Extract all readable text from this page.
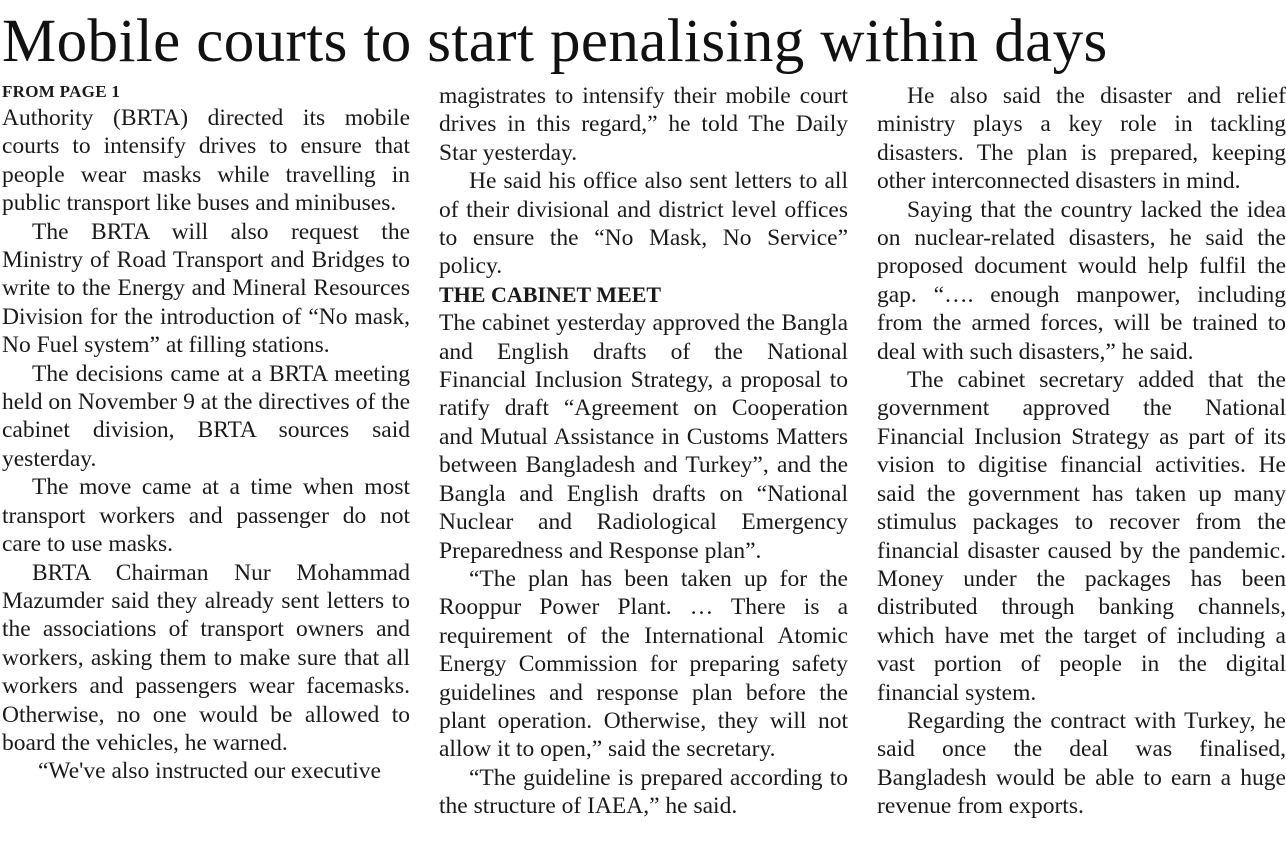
Mobile courts to start penalising within days
FROM PAGE 1

Authority (BRTA) directed its mobile courts to intensify drives to ensure that people wear masks while travelling in public transport like buses and minibuses.

The BRTA will also request the Ministry of Road Transport and Bridges to write to the Energy and Mineral Resources Division for the introduction of “No mask, No Fuel system” at filling stations.

The decisions came at a BRTA meeting held on November 9 at the directives of the cabinet division, BRTA sources said yesterday.

The move came at a time when most transport workers and passenger do not care to use masks.

BRTA Chairman Nur Mohammad Mazumder said they already sent letters to the associations of transport owners and workers, asking them to make sure that all workers and passengers wear facemasks. Otherwise, no one would be allowed to board the vehicles, he warned.

“We've also instructed our executive

magistrates to intensify their mobile court drives in this regard,” he told The Daily Star yesterday.

He said his office also sent letters to all of their divisional and district level offices to ensure the “No Mask, No Service” policy.

THE CABINET MEET

The cabinet yesterday approved the Bangla and English drafts of the National Financial Inclusion Strategy, a proposal to ratify draft “Agreement on Cooperation and Mutual Assistance in Customs Matters between Bangladesh and Turkey”, and the Bangla and English drafts on “National Nuclear and Radiological Emergency Preparedness and Response plan”.

“The plan has been taken up for the Rooppur Power Plant. … There is a requirement of the International Atomic Energy Commission for preparing safety guidelines and response plan before the plant operation. Otherwise, they will not allow it to open,” said the secretary.

“The guideline is prepared according to the structure of IAEA,” he said.

He also said the disaster and relief ministry plays a key role in tackling disasters. The plan is prepared, keeping other interconnected disasters in mind.

Saying that the country lacked the idea on nuclear-related disasters, he said the proposed document would help fulfil the gap. “…. enough manpower, including from the armed forces, will be trained to deal with such disasters,” he said.

The cabinet secretary added that the government approved the National Financial Inclusion Strategy as part of its vision to digitise financial activities. He said the government has taken up many stimulus packages to recover from the financial disaster caused by the pandemic. Money under the packages has been distributed through banking channels, which have met the target of including a vast portion of people in the digital financial system.

Regarding the contract with Turkey, he said once the deal was finalised, Bangladesh would be able to earn a huge revenue from exports.
